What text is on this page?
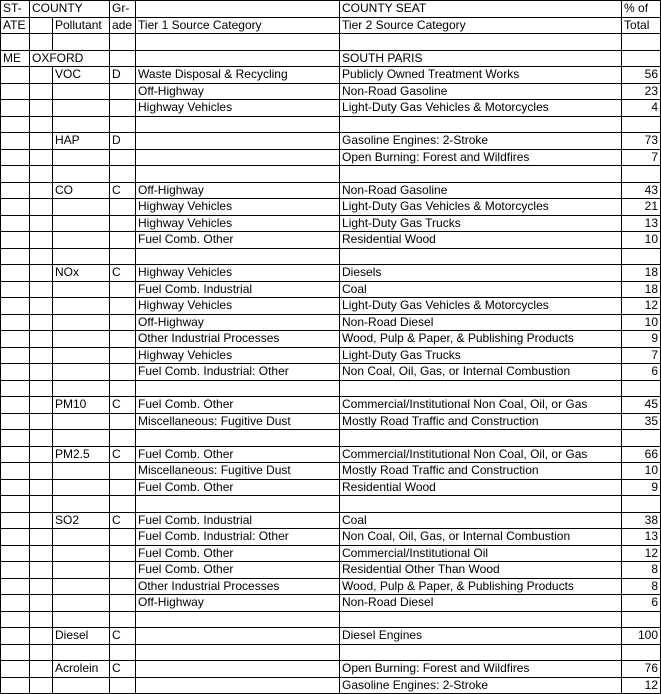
ST-	COUNTY		Gr-		COUNTY SEAT	% of
ATE		Pollutant	ade	Tier 1 Source Category	Tier 2 Source Category	Total

ME	OXFORD				SOUTH PARIS	
		VOC	D	Waste Disposal & Recycling	Publicly Owned Treatment Works	56
				Off-Highway	Non-Road Gasoline	23
				Highway Vehicles	Light-Duty Gas Vehicles & Motorcycles	4

		HAP	D		Gasoline Engines: 2-Stroke	73
					Open Burning: Forest and Wildfires	7

		CO	C	Off-Highway	Non-Road Gasoline	43
				Highway Vehicles	Light-Duty Gas Vehicles & Motorcycles	21
				Highway Vehicles	Light-Duty Gas Trucks	13
				Fuel Comb. Other	Residential Wood	10

		NOx	C	Highway Vehicles	Diesels	18
				Fuel Comb. Industrial	Coal	18
				Highway Vehicles	Light-Duty Gas Vehicles & Motorcycles	12
				Off-Highway	Non-Road Diesel	10
				Other Industrial Processes	Wood, Pulp & Paper, & Publishing Products	9
				Highway Vehicles	Light-Duty Gas Trucks	7
				Fuel Comb. Industrial: Other	Non Coal, Oil, Gas, or Internal Combustion	6

		PM10	C	Fuel Comb. Other	Commercial/Institutional Non Coal, Oil, or Gas	45
				Miscellaneous: Fugitive Dust	Mostly Road Traffic and Construction	35

		PM2.5	C	Fuel Comb. Other	Commercial/Institutional Non Coal, Oil, or Gas	66
				Miscellaneous: Fugitive Dust	Mostly Road Traffic and Construction	10
				Fuel Comb. Other	Residential Wood	9

		SO2	C	Fuel Comb. Industrial	Coal	38
				Fuel Comb. Industrial: Other	Non Coal, Oil, Gas, or Internal Combustion	13
				Fuel Comb. Other	Commercial/Institutional Oil	12
				Fuel Comb. Other	Residential Other Than Wood	8
				Other Industrial Processes	Wood, Pulp & Paper, & Publishing Products	8
				Off-Highway	Non-Road Diesel	6

		Diesel	C		Diesel Engines	100

		Acrolein	C		Open Burning: Forest and Wildfires	76
					Gasoline Engines: 2-Stroke	12
